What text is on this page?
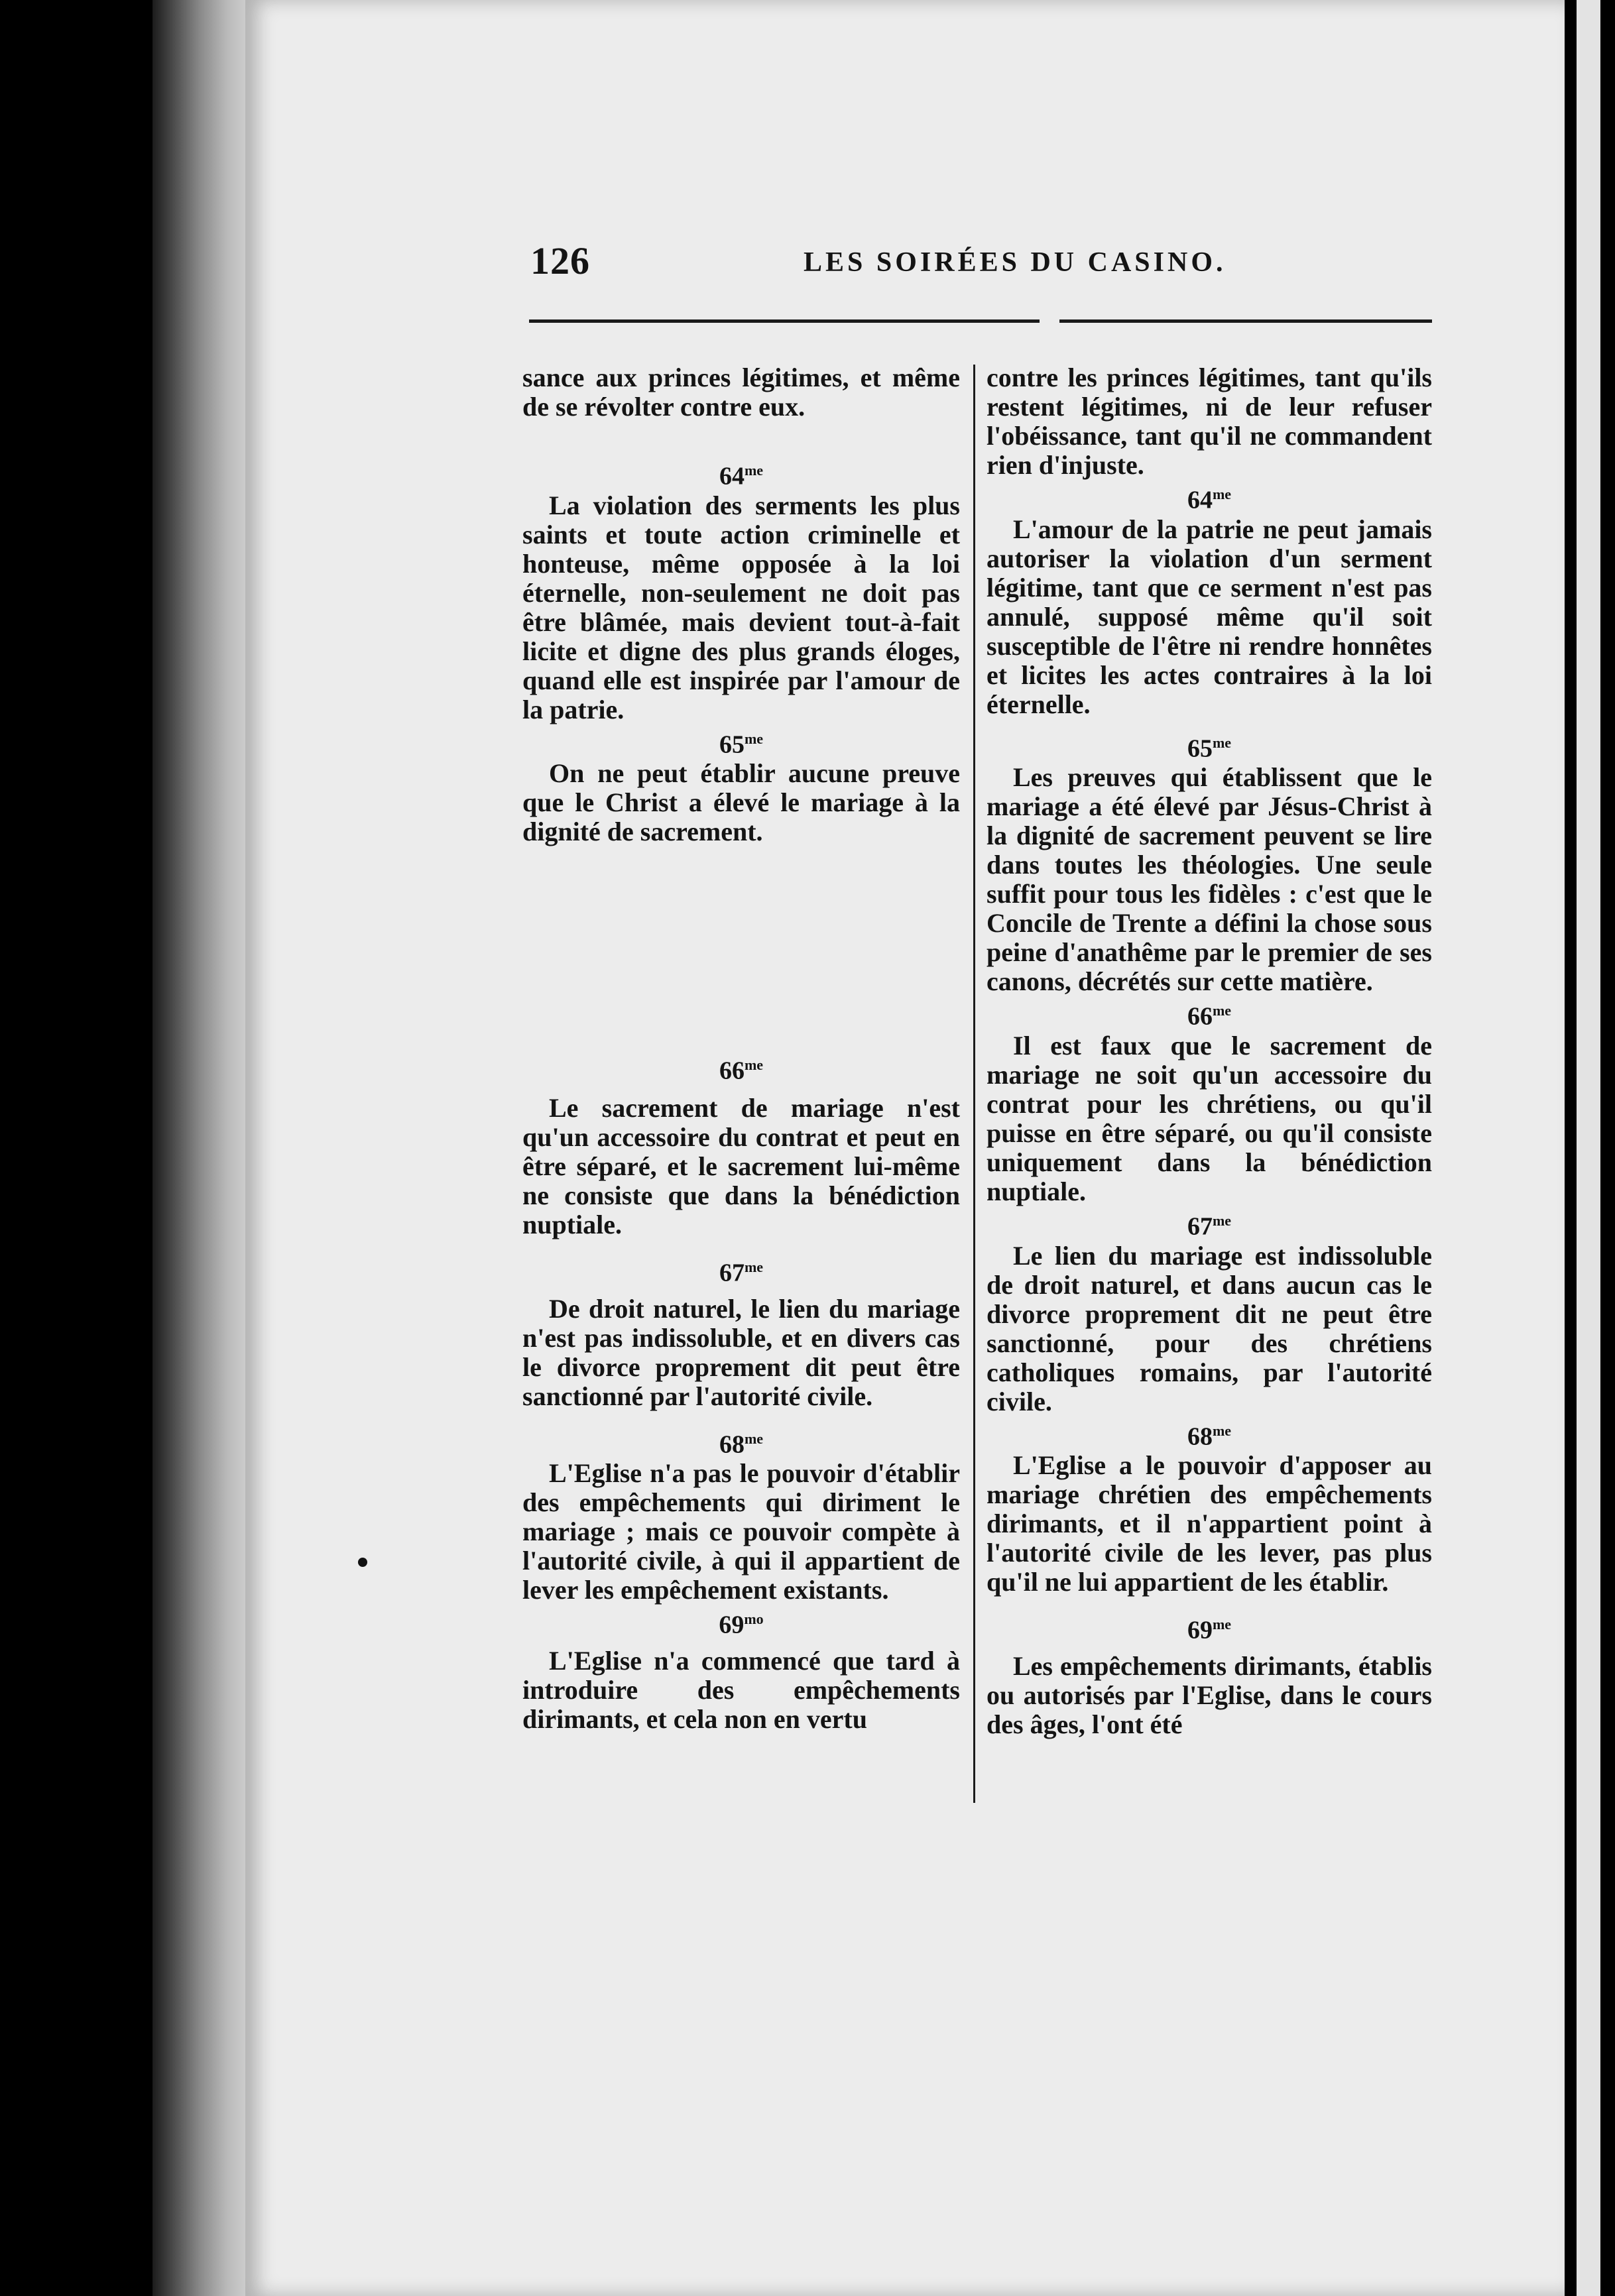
126	LES SOIRÉES DU CASINO.

sance aux princes légitimes, et même de se révolter contre eux.

$64^{me}$

La violation des serments les plus saints et toute action criminelle et honteuse, même opposée à la loi éternelle, non-seulement ne doit pas être blâmée, mais devient tout-à-fait licite et digne des plus grands éloges, quand elle est inspirée par l'amour de la patrie.

$65^{me}$

On ne peut établir aucune preuve que le Christ a élevé le mariage à la dignité de sacrement.

$66^{me}$

Le sacrement de mariage n'est qu'un accessoire du contrat et peut en être séparé, et le sacrement lui-même ne consiste que dans la bénédiction nuptiale.

$67^{me}$

De droit naturel, le lien du mariage n'est pas indissoluble, et en divers cas le divorce proprement dit peut être sanctionné par l'autorité civile.

$68^{me}$

L'Eglise n'a pas le pouvoir d'établir des empêchements qui diriment le mariage ; mais ce pouvoir compète à l'autorité civile, à qui il appartient de lever les empêchement existants.

$69^{mo}$

L'Eglise n'a commencé que tard à introduire des empêchements dirimants, et cela non en vertu

contre les princes légitimes, tant qu'ils restent légitimes, ni de leur refuser l'obéissance, tant qu'il ne commandent rien d'injuste.

$64^{me}$

L'amour de la patrie ne peut jamais autoriser la violation d'un serment légitime, tant que ce serment n'est pas annulé, supposé même qu'il soit susceptible de l'être ni rendre honnêtes et licites les actes contraires à la loi éternelle.

$65^{me}$

Les preuves qui établissent que le mariage a été élevé par Jésus-Christ à la dignité de sacrement peuvent se lire dans toutes les théologies. Une seule suffit pour tous les fidèles : c'est que le Concile de Trente a défini la chose sous peine d'anathême par le premier de ses canons, décrétés sur cette matière.

$66^{me}$

Il est faux que le sacrement de mariage ne soit qu'un accessoire du contrat pour les chrétiens, ou qu'il puisse en être séparé, ou qu'il consiste uniquement dans la bénédiction nuptiale.

$67^{me}$

Le lien du mariage est indissoluble de droit naturel, et dans aucun cas le divorce proprement dit ne peut être sanctionné, pour des chrétiens catholiques romains, par l'autorité civile.

$68^{me}$

L'Eglise a le pouvoir d'apposer au mariage chrétien des empêchements dirimants, et il n'appartient point à l'autorité civile de les lever, pas plus qu'il ne lui appartient de les établir.

$69^{me}$

Les empêchements dirimants, établis ou autorisés par l'Eglise, dans le cours des âges, l'ont été
